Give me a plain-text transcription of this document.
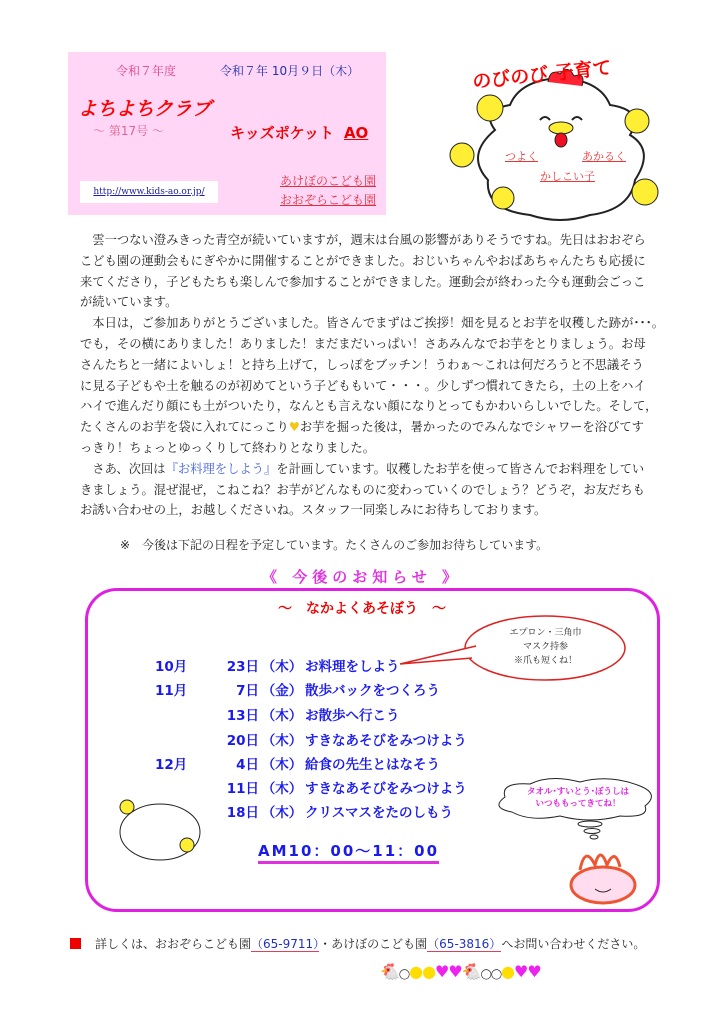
令和７年度	令和７年 10月９日（木）
よちよちクラブ
～ 第17号 ～	キッズポケット AO
http://www.kids-ao.or.jp/
あけぼのこども園
おおぞらこども園
のびのび 子育て
つよく	あかるく
かしこい子
　雲一つない澄みきった青空が続いていますが，週末は台風の影響がありそうですね。先日はおおぞら
こども園の運動会もにぎやかに開催することができました。おじいちゃんやおばあちゃんたちも応援に
来てくださり，子どもたちも楽しんで参加することができました。運動会が終わった今も運動会ごっこ
が続いています。
　本日は，ご参加ありがとうございました。皆さんでまずはご挨拶！畑を見るとお芋を収穫した跡が･･･。
でも，その横にありました！ありました！まだまだいっぱい！さあみんなでお芋をとりましょう。お母
さんたちと一緒によいしょ！と持ち上げて，しっぽをブッチン！うわぁ～これは何だろうと不思議そう
に見る子どもや土を触るのが初めてという子どももいて・・・。少しずつ慣れてきたら，土の上をハイ
ハイで進んだり顔にも土がついたり，なんとも言えない顔になりとってもかわいらしいでした。そして，
たくさんのお芋を袋に入れてにっこり♥お芋を掘った後は，暑かったのでみんなでシャワーを浴びてす
っきり！ちょっとゆっくりして終わりとなりました。
　さあ、次回は『お料理をしよう』を計画しています。収穫したお芋を使って皆さんでお料理をしてい
きましょう。混ぜ混ぜ，こねこね？お芋がどんなものに変わっていくのでしょう？どうぞ，お友だちも
お誘い合わせの上，お越しくださいね。スタッフ一同楽しみにお待ちしております。
※　今後は下記の日程を予定しています。たくさんのご参加お待ちしています。
《 今後のお知らせ 》
～　なかよくあそぼう　～
エプロン・三角巾
マスク持参
※爪も短くね！
10月	23日 （木） お料理をしよう
11月	7日 （金） 散歩バックをつくろう
13日 （木） お散歩へ行こう
20日 （木） すきなあそびをみつけよう
12月	4日 （木） 給食の先生とはなそう
11日 （木） すきなあそびをみつけよう
18日 （木） クリスマスをたのしもう
タオル･すいとう･ぼうしは
いつももってきてね！
AM10：00～11：00
詳しくは、おおぞらこども園（65-9711）・あけぼのこども園（65-3816）へお問い合わせください。
🐔◯●●♥♥🐔◯◯●♥♥
